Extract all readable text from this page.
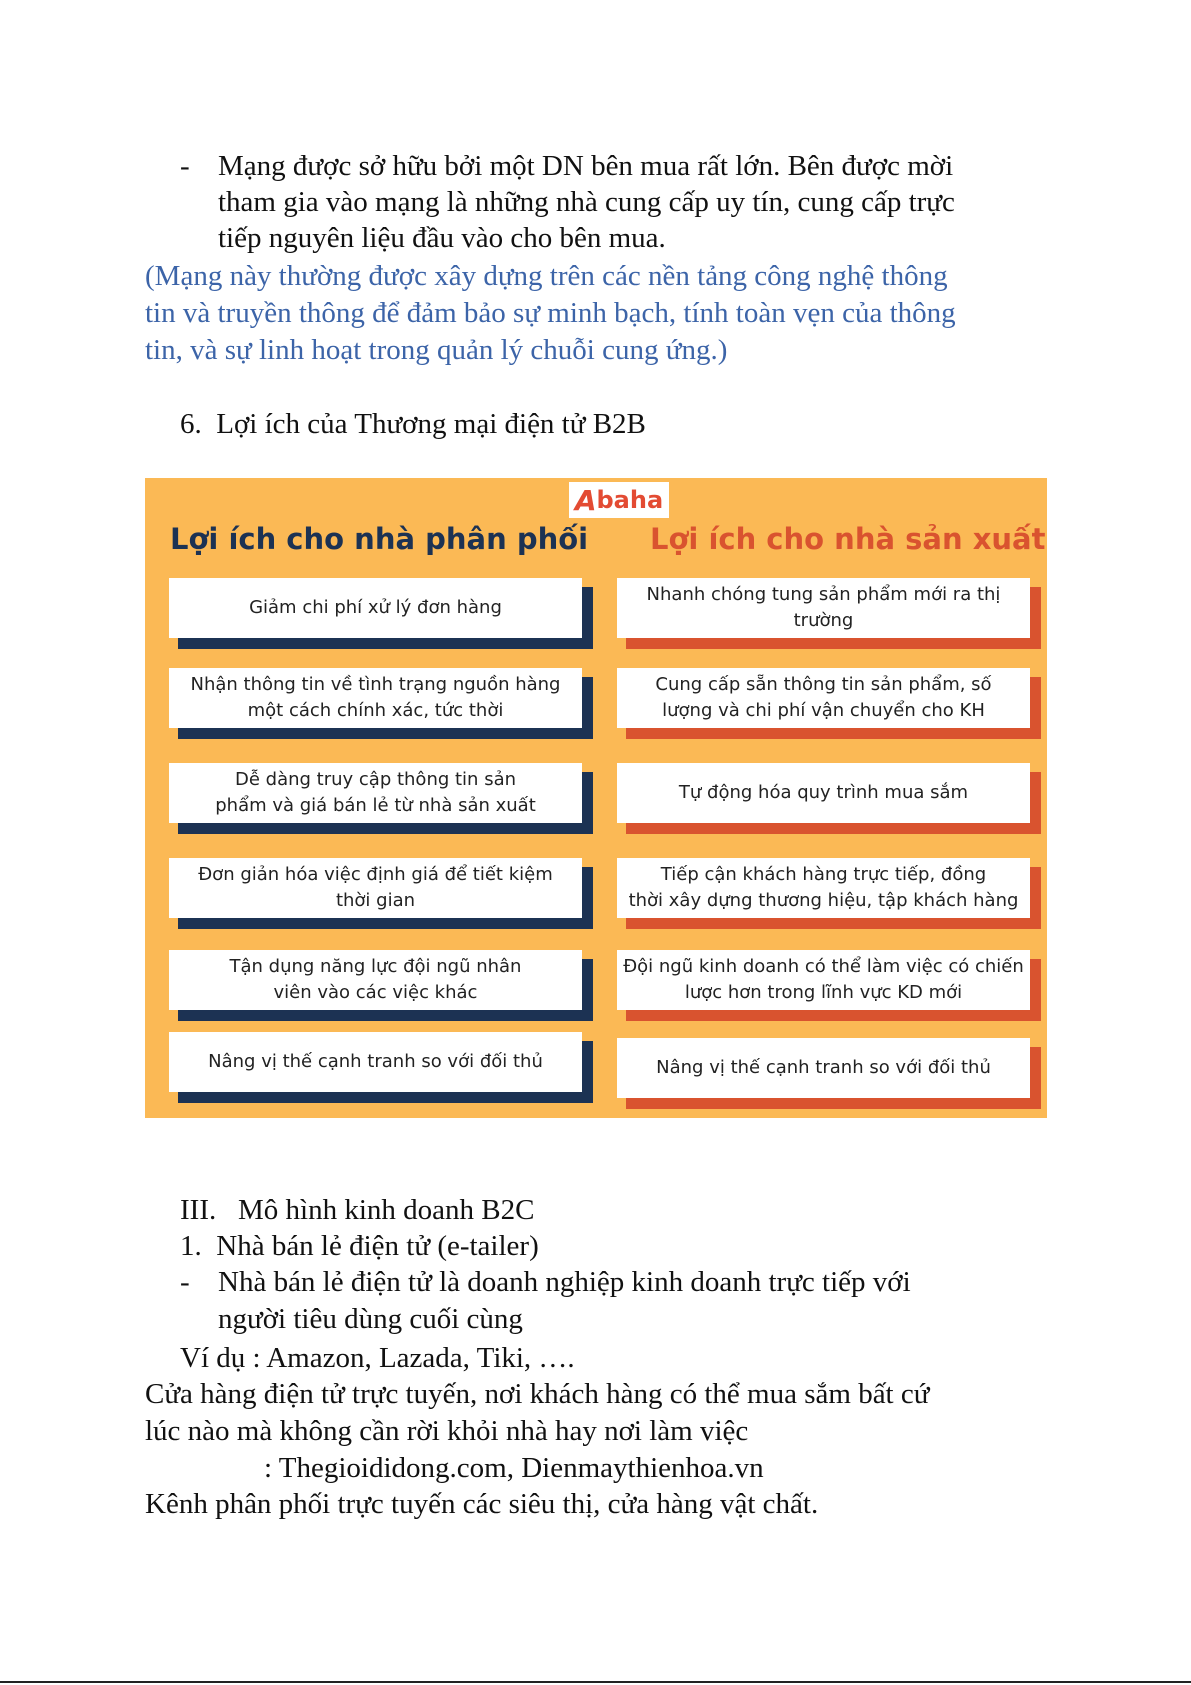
- Mạng được sở hữu bởi một DN bên mua rất lớn. Bên được mời
tham gia vào mạng là những nhà cung cấp uy tín, cung cấp trực
tiếp nguyên liệu đầu vào cho bên mua.
(Mạng này thường được xây dựng trên các nền tảng công nghệ thông
tin và truyền thông để đảm bảo sự minh bạch, tính toàn vẹn của thông
tin, và sự linh hoạt trong quản lý chuỗi cung ứng.)
6.  Lợi ích của Thương mại điện tử B2B
A baha
Lợi ích cho nhà phân phối Lợi ích cho nhà sản xuất
Giảm chi phí xử lý đơn hàng
Nhận thông tin về tình trạng nguồn hàng
một cách chính xác, tức thời
Dễ dàng truy cập thông tin sản
phẩm và giá bán lẻ từ nhà sản xuất
Đơn giản hóa việc định giá để tiết kiệm
thời gian
Tận dụng năng lực đội ngũ nhân
viên vào các việc khác
Nâng vị thế cạnh tranh so với đối thủ
Nhanh chóng tung sản phẩm mới ra thị
trường
Cung cấp sẵn thông tin sản phẩm, số
lượng và chi phí vận chuyển cho KH
Tự động hóa quy trình mua sắm
Tiếp cận khách hàng trực tiếp, đồng
thời xây dựng thương hiệu, tập khách hàng
Đội ngũ kinh doanh có thể làm việc có chiến
lược hơn trong lĩnh vực KD mới
Nâng vị thế cạnh tranh so với đối thủ
III.   Mô hình kinh doanh B2C
1.  Nhà bán lẻ điện tử (e-tailer)
- Nhà bán lẻ điện tử là doanh nghiệp kinh doanh trực tiếp với
người tiêu dùng cuối cùng
Ví dụ : Amazon, Lazada, Tiki, ….
Cửa hàng điện tử trực tuyến, nơi khách hàng có thể mua sắm bất cứ
lúc nào mà không cần rời khỏi nhà hay nơi làm việc
: Thegioididong.com, Dienmaythienhoa.vn
Kênh phân phối trực tuyến các siêu thị, cửa hàng vật chất.
